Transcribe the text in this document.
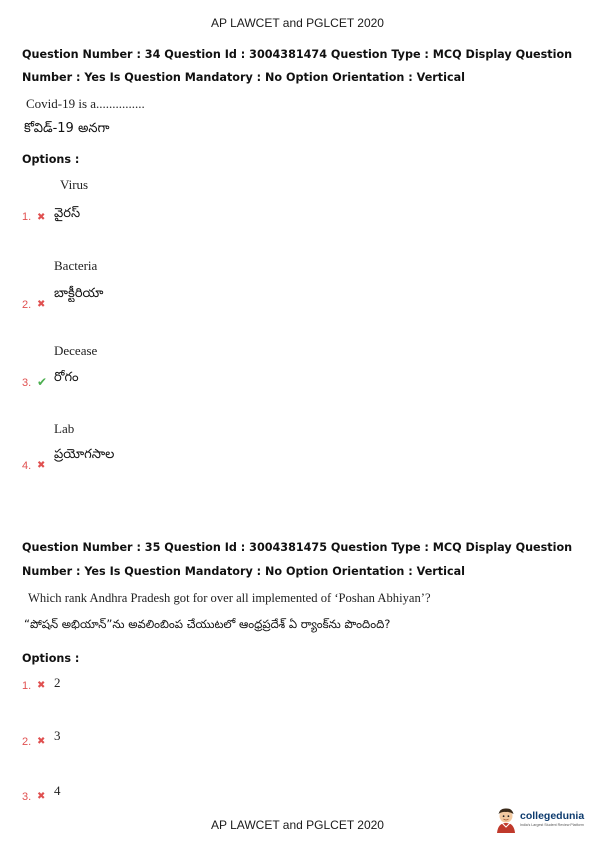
AP LAWCET and PGLCET 2020
Question Number : 34 Question Id : 3004381474 Question Type : MCQ Display Question
Number : Yes Is Question Mandatory : No Option Orientation : Vertical
Covid-19 is a...............
కోవిడ్-19 అనగా
Options :
Virus
1. ✖ వైరస్
Bacteria
2. ✖
బాక్టీరియా
Decease
3. ✔ రోగం
Lab
4. ✖
ప్రయోగసాల
Question Number : 35 Question Id : 3004381475 Question Type : MCQ Display Question
Number : Yes Is Question Mandatory : No Option Orientation : Vertical
Which rank Andhra Pradesh got for over all implemented of ‘Poshan Abhiyan’?
“పోషన్ అభియాన్”ను అవలింబింప చేయుటలో ఆంధ్రప్రదేశ్ ఏ ర్యాంక్‌ను పొందింది?
Options :
1. ✖ 2
2. ✖ 3
3. ✖ 4
AP LAWCET and PGLCET 2020
collegedunia
India's Largest Student Review Platform
